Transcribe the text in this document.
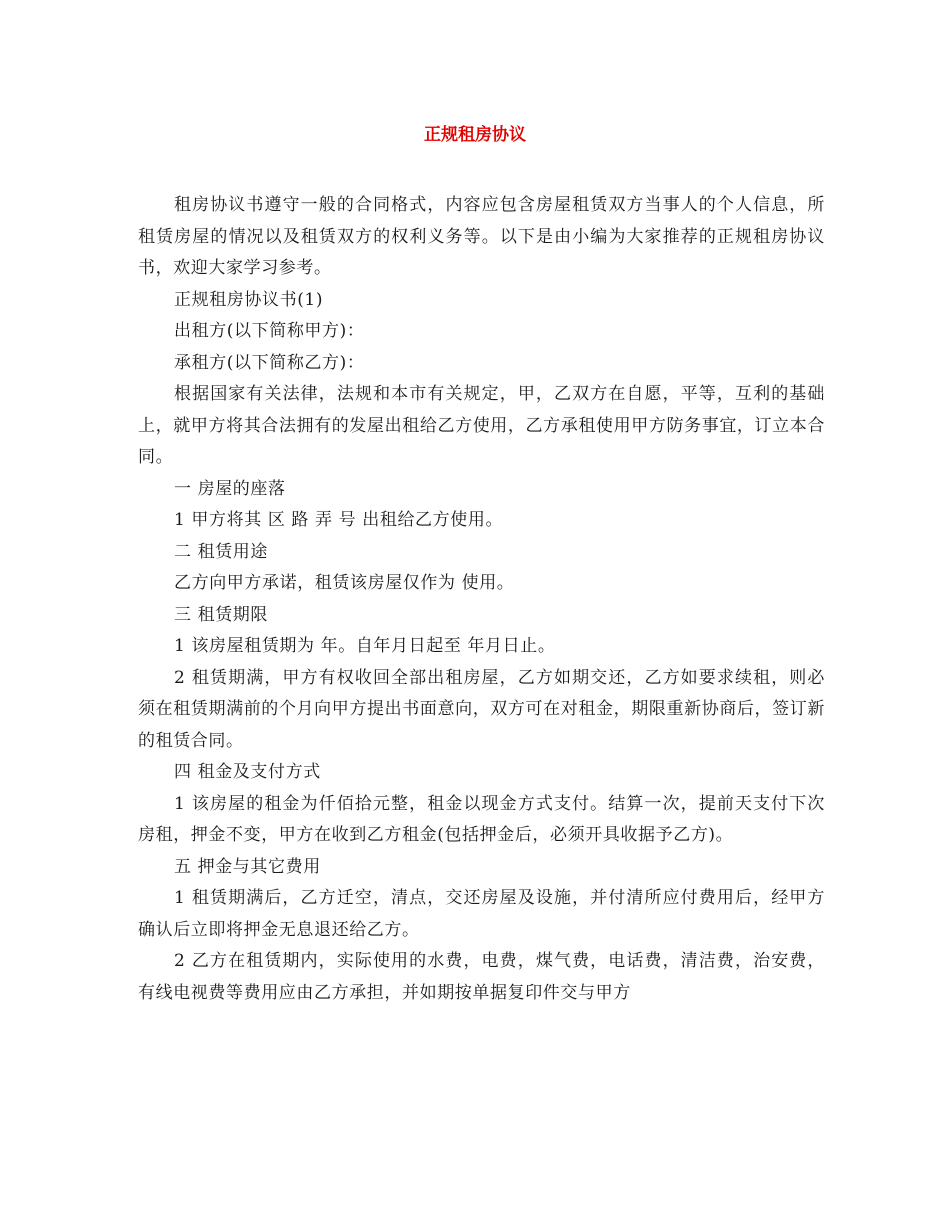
正规租房协议

租房协议书遵守一般的合同格式，内容应包含房屋租赁双方当事人的个人信息，所租赁房屋的情况以及租赁双方的权利义务等。以下是由小编为大家推荐的正规租房协议书，欢迎大家学习参考。

正规租房协议书(1)

出租方(以下简称甲方)：

承租方(以下简称乙方)：

根据国家有关法律，法规和本市有关规定，甲，乙双方在自愿，平等，互利的基础上，就甲方将其合法拥有的发屋出租给乙方使用，乙方承租使用甲方防务事宜，订立本合同。

一 房屋的座落

1 甲方将其 区 路 弄 号 出租给乙方使用。

二 租赁用途

乙方向甲方承诺，租赁该房屋仅作为 使用。

三 租赁期限

1 该房屋租赁期为 年。自年月日起至 年月日止。

2 租赁期满，甲方有权收回全部出租房屋，乙方如期交还，乙方如要求续租，则必须在租赁期满前的个月向甲方提出书面意向，双方可在对租金，期限重新协商后，签订新的租赁合同。

四 租金及支付方式

1 该房屋的租金为仟佰拾元整，租金以现金方式支付。结算一次，提前天支付下次房租，押金不变，甲方在收到乙方租金(包括押金后，必须开具收据予乙方)。

五 押金与其它费用

1 租赁期满后，乙方迁空，清点，交还房屋及设施，并付清所应付费用后，经甲方确认后立即将押金无息退还给乙方。

2 乙方在租赁期内，实际使用的水费，电费，煤气费，电话费，清洁费，治安费，有线电视费等费用应由乙方承担，并如期按单据复印件交与甲方
